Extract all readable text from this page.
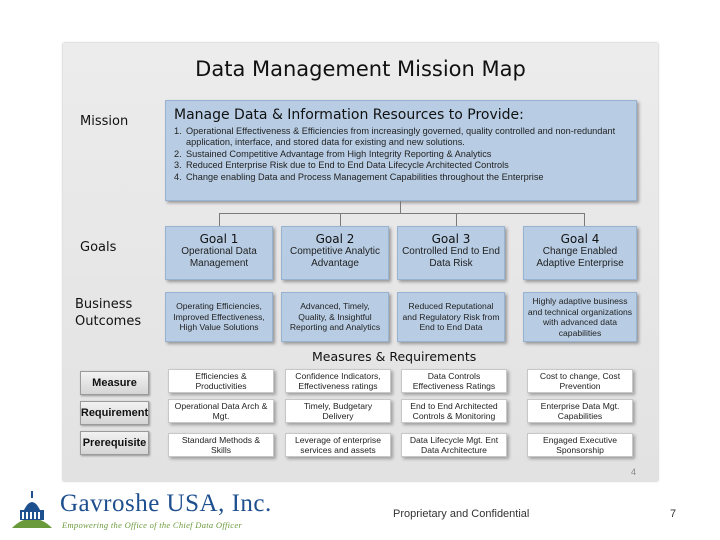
Data Management Mission Map
Mission
Goals
Business
Outcomes
Manage Data & Information Resources to Provide:
1. Operational Effectiveness & Efficiencies from increasingly governed, quality controlled and non-redundant application, interface, and stored data for existing and new solutions.
2. Sustained Competitive Advantage from High Integrity Reporting & Analytics
3. Reduced Enterprise Risk due to End to End Data Lifecycle Architected Controls
4. Change enabling Data and Process Management Capabilities throughout the Enterprise
Goal 1
Operational Data Management
Goal 2
Competitive Analytic Advantage
Goal 3
Controlled End to End Data Risk
Goal 4
Change Enabled Adaptive Enterprise
Operating Efficiencies, Improved Effectiveness, High Value Solutions
Advanced, Timely, Quality, & Insightful Reporting and Analytics
Reduced Reputational and Regulatory Risk from End to End Data
Highly adaptive business and technical organizations with advanced data capabilities
Measures & Requirements
Measure
Efficiencies & Productivities
Confidence Indicators, Effectiveness ratings
Data Controls Effectiveness Ratings
Cost to change, Cost Prevention
Requirement
Operational Data Arch & Mgt.
Timely, Budgetary Delivery
End to End Architected Controls & Monitoring
Enterprise Data Mgt. Capabilities
Prerequisite	Standard Methods & Skills
Leverage of enterprise services and assets
Data Lifecycle Mgt. Ent Data Architecture
Engaged Executive Sponsorship
4
Gavroshe USA, Inc.
Empowering the Office of the Chief Data Officer
Proprietary and Confidential	7
